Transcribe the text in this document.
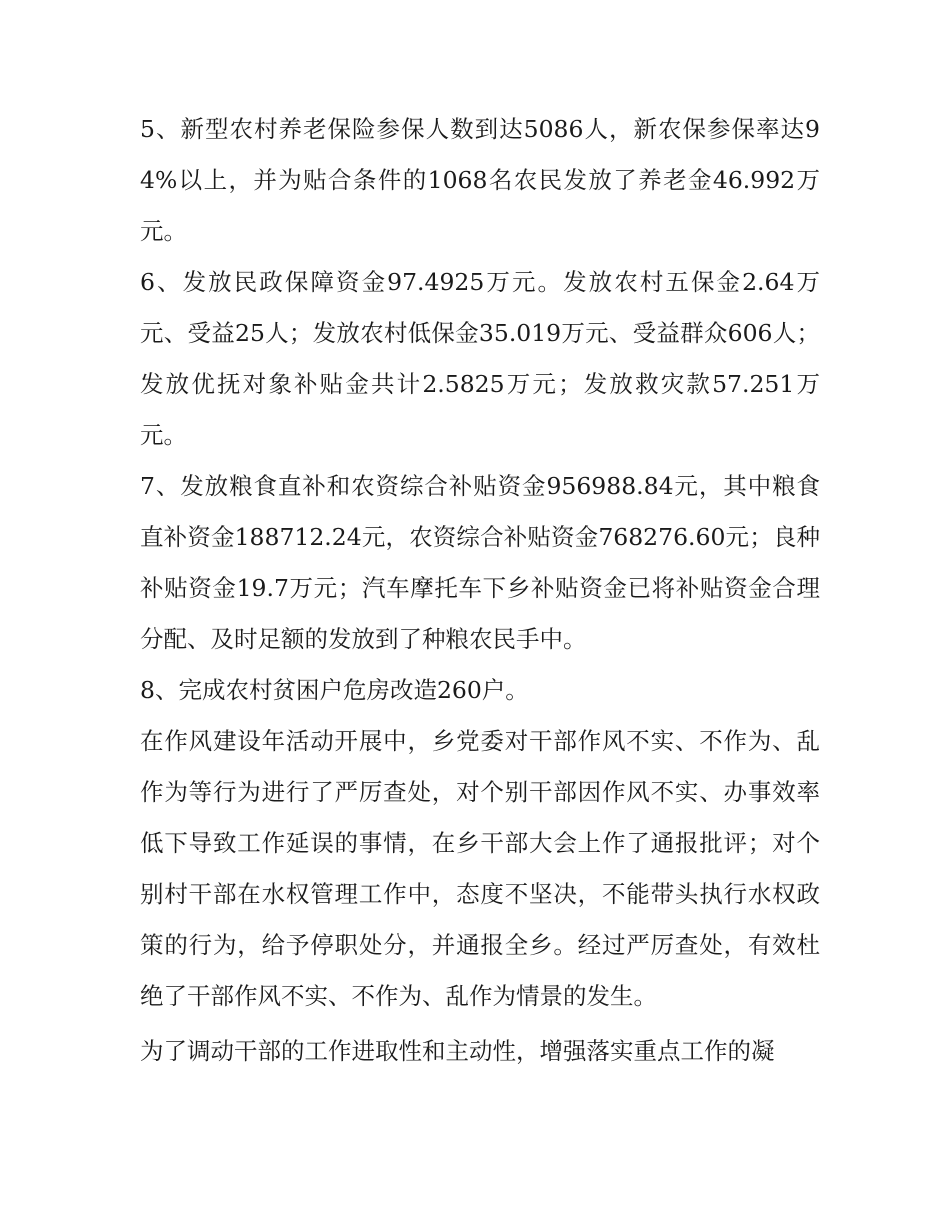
5、新型农村养老保险参保人数到达5086人，新农保参保率达94%以上，并为贴合条件的1068名农民发放了养老金46.992万元。

6、发放民政保障资金97.4925万元。发放农村五保金2.64万元、受益25人；发放农村低保金35.019万元、受益群众606人；发放优抚对象补贴金共计2.5825万元；发放救灾款57.251万元。

7、发放粮食直补和农资综合补贴资金956988.84元，其中粮食直补资金188712.24元，农资综合补贴资金768276.60元；良种补贴资金19.7万元；汽车摩托车下乡补贴资金已将补贴资金合理分配、及时足额的发放到了种粮农民手中。

8、完成农村贫困户危房改造260户。

在作风建设年活动开展中，乡党委对干部作风不实、不作为、乱作为等行为进行了严厉查处，对个别干部因作风不实、办事效率低下导致工作延误的事情，在乡干部大会上作了通报批评；对个别村干部在水权管理工作中，态度不坚决，不能带头执行水权政策的行为，给予停职处分，并通报全乡。经过严厉查处，有效杜绝了干部作风不实、不作为、乱作为情景的发生。

为了调动干部的工作进取性和主动性，增强落实重点工作的凝
